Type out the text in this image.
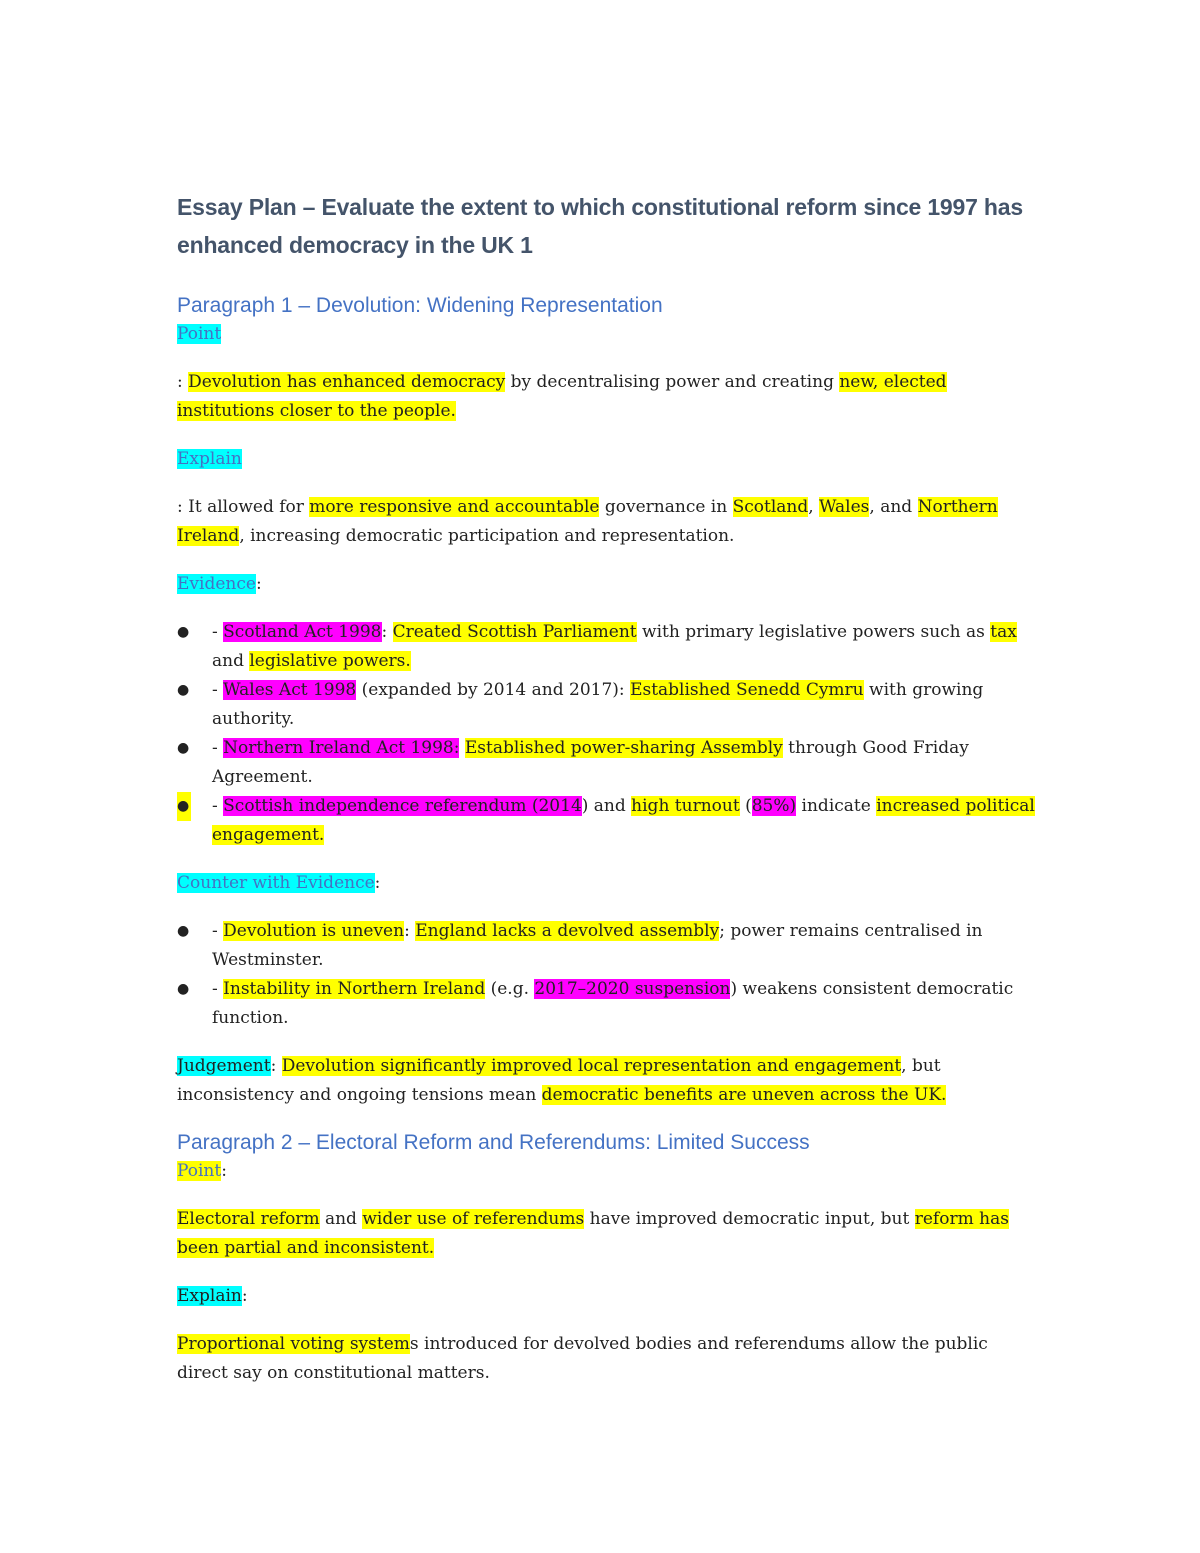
Essay Plan – Evaluate the extent to which constitutional reform since 1997 has enhanced democracy in the UK 1
Paragraph 1 – Devolution: Widening Representation

Point

: Devolution has enhanced democracy by decentralising power and creating new, elected institutions closer to the people.

Explain

: It allowed for more responsive and accountable governance in Scotland, Wales, and Northern Ireland, increasing democratic participation and representation.

Evidence:

● - Scotland Act 1998: Created Scottish Parliament with primary legislative powers such as tax and legislative powers.
● - Wales Act 1998 (expanded by 2014 and 2017): Established Senedd Cymru with growing authority.
● - Northern Ireland Act 1998: Established power-sharing Assembly through Good Friday Agreement.
● - Scottish independence referendum (2014) and high turnout (85%) indicate increased political engagement.

Counter with Evidence:

● - Devolution is uneven: England lacks a devolved assembly; power remains centralised in Westminster.
● - Instability in Northern Ireland (e.g. 2017–2020 suspension) weakens consistent democratic function.

Judgement: Devolution significantly improved local representation and engagement, but inconsistency and ongoing tensions mean democratic benefits are uneven across the UK.

Paragraph 2 – Electoral Reform and Referendums: Limited Success

Point:

Electoral reform and wider use of referendums have improved democratic input, but reform has been partial and inconsistent.

Explain:

Proportional voting systems introduced for devolved bodies and referendums allow the public direct say on constitutional matters.
